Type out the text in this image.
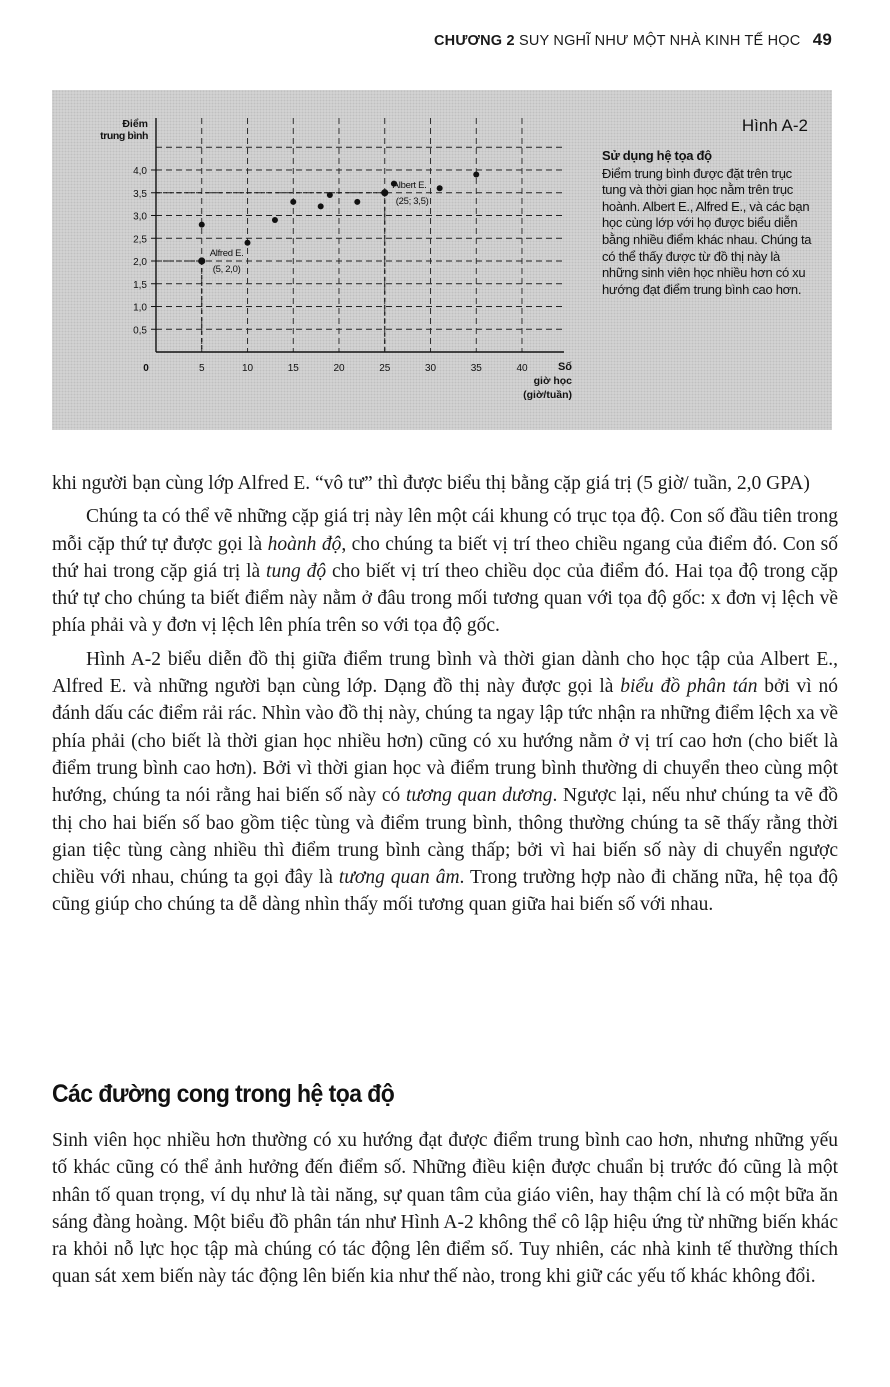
CHƯƠNG 2 SUY NGHĨ NHƯ MỘT NHÀ KINH TẾ HỌC 49
0,5
1,0
1,5
2,0
2,5
3,0
3,5
4,0
0	5	10	15	20	25	30	35	40
Alfred E.
(5, 2,0)
Albert E.
(25; 3,5)
Điểm
trung bình
Số
giờ học
(giờ/tuần)
Hình A-2
Sử dụng hệ tọa độ
Điểm trung bình được đặt trên trục tung và thời gian học nằm trên trục hoành. Albert E., Alfred E., và các bạn học cùng lớp với họ được biểu diễn bằng nhiều điểm khác nhau. Chúng ta có thể thấy được từ đồ thị này là những sinh viên học nhiều hơn có xu hướng đạt điểm trung bình cao hơn.

khi người bạn cùng lớp Alfred E. “vô tư” thì được biểu thị bằng cặp giá trị (5 giờ/ tuần, 2,0 GPA)

Chúng ta có thể vẽ những cặp giá trị này lên một cái khung có trục tọa độ. Con số đầu tiên trong mỗi cặp thứ tự được gọi là hoành độ, cho chúng ta biết vị trí theo chiều ngang của điểm đó. Con số thứ hai trong cặp giá trị là tung độ cho biết vị trí theo chiều dọc của điểm đó. Hai tọa độ trong cặp thứ tự cho chúng ta biết điểm này nằm ở đâu trong mối tương quan với tọa độ gốc: x đơn vị lệch về phía phải và y đơn vị lệch lên phía trên so với tọa độ gốc.

Hình A-2 biểu diễn đồ thị giữa điểm trung bình và thời gian dành cho học tập của Albert E., Alfred E. và những người bạn cùng lớp. Dạng đồ thị này được gọi là biểu đồ phân tán bởi vì nó đánh dấu các điểm rải rác. Nhìn vào đồ thị này, chúng ta ngay lập tức nhận ra những điểm lệch xa về phía phải (cho biết là thời gian học nhiều hơn) cũng có xu hướng nằm ở vị trí cao hơn (cho biết là điểm trung bình cao hơn). Bởi vì thời gian học và điểm trung bình thường di chuyển theo cùng một hướng, chúng ta nói rằng hai biến số này có tương quan dương. Ngược lại, nếu như chúng ta vẽ đồ thị cho hai biến số bao gồm tiệc tùng và điểm trung bình, thông thường chúng ta sẽ thấy rằng thời gian tiệc tùng càng nhiều thì điểm trung bình càng thấp; bởi vì hai biến số này di chuyển ngược chiều với nhau, chúng ta gọi đây là tương quan âm. Trong trường hợp nào đi chăng nữa, hệ tọa độ cũng giúp cho chúng ta dễ dàng nhìn thấy mối tương quan giữa hai biến số với nhau.

Các đường cong trong hệ tọa độ

Sinh viên học nhiều hơn thường có xu hướng đạt được điểm trung bình cao hơn, nhưng những yếu tố khác cũng có thể ảnh hưởng đến điểm số. Những điều kiện được chuẩn bị trước đó cũng là một nhân tố quan trọng, ví dụ như là tài năng, sự quan tâm của giáo viên, hay thậm chí là có một bữa ăn sáng đàng hoàng. Một biểu đồ phân tán như Hình A-2 không thể cô lập hiệu ứng từ những biến khác ra khỏi nỗ lực học tập mà chúng có tác động lên điểm số. Tuy nhiên, các nhà kinh tế thường thích quan sát xem biến này tác động lên biến kia như thế nào, trong khi giữ các yếu tố khác không đổi.
